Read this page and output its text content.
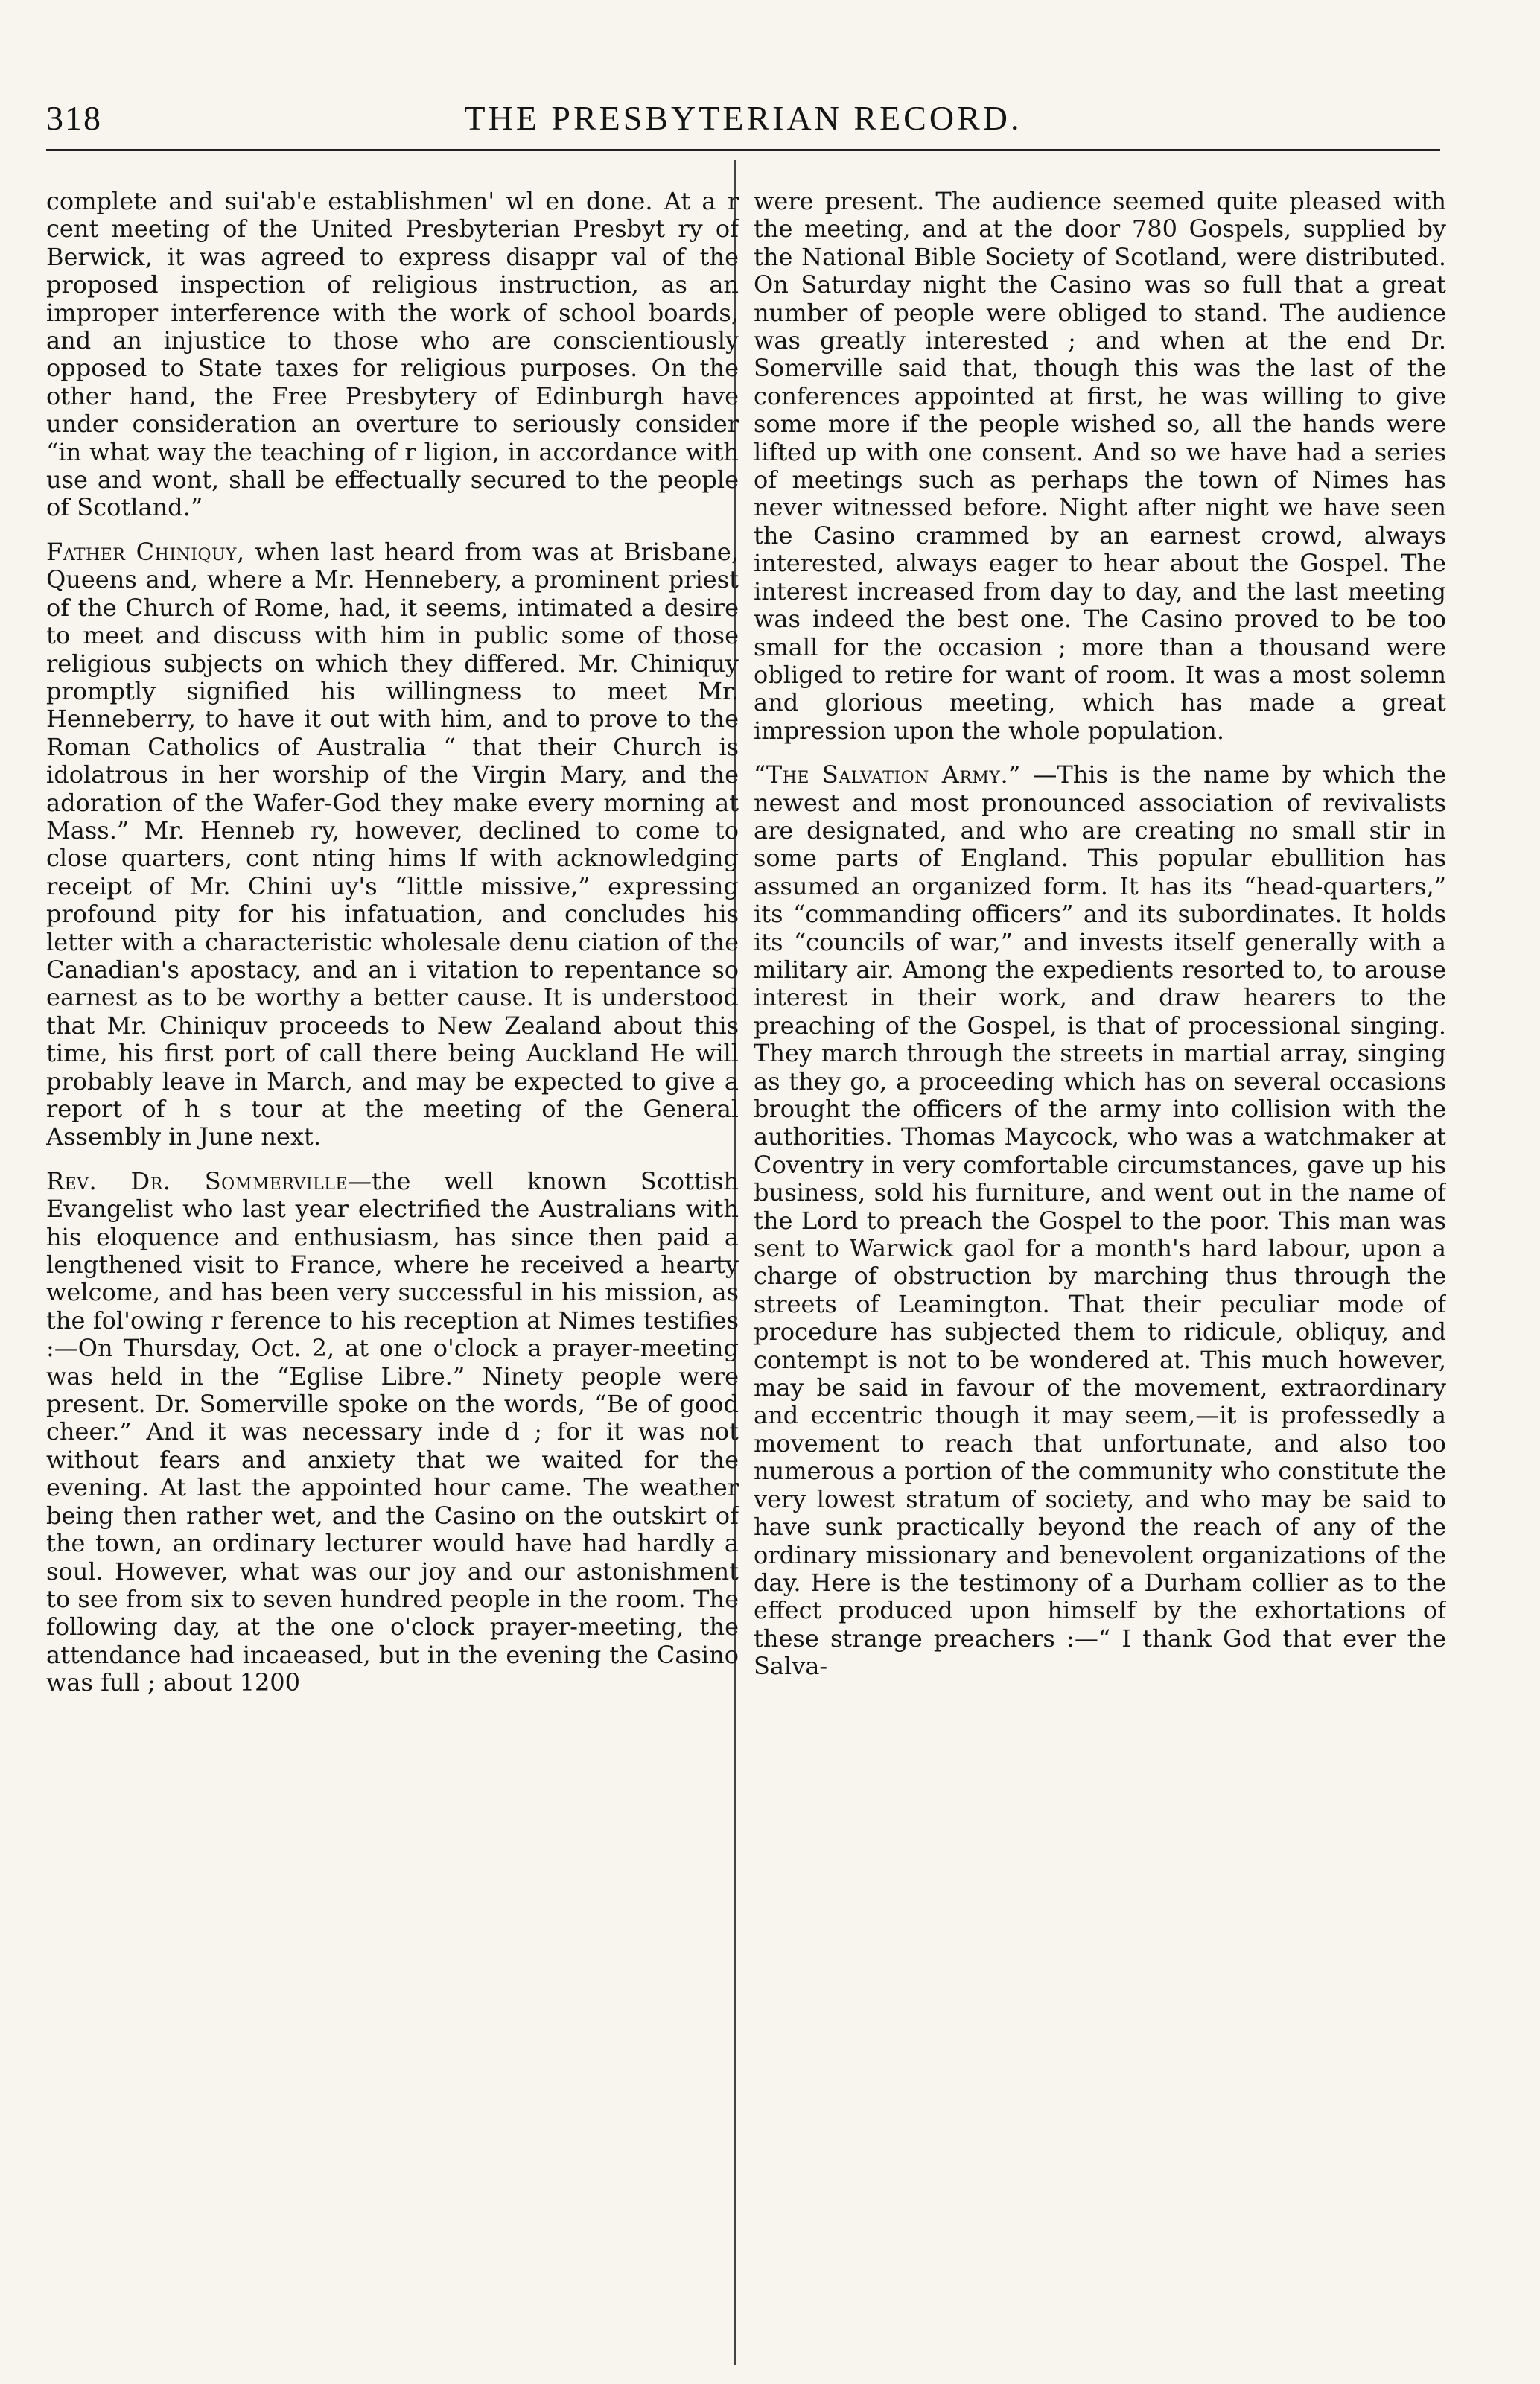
318	THE PRESBYTERIAN RECORD.

complete and sui'ab'e establishmen' wl en done. At a r cent meeting of the United Presbyterian Presbyt ry of Berwick, it was agreed to express disappr val of the proposed inspection of religious instruction, as an improper interference with the work of school boards, and an injustice to those who are conscientiously opposed to State taxes for religious purposes. On the other hand, the Free Presbytery of Edinburgh have under consideration an overture to seriously consider “in what way the teaching of r ligion, in accordance with use and wont, shall be effectually secured to the people of Scotland.”

Father Chiniquy, when last heard from was at Brisbane, Queens and, where a Mr. Hennebery, a prominent priest of the Church of Rome, had, it seems, intimated a desire to meet and discuss with him in public some of those religious subjects on which they differed. Mr. Chiniquy promptly signified his willingness to meet Mr. Henneberry, to have it out with him, and to prove to the Roman Catholics of Australia “ that their Church is idolatrous in her worship of the Virgin Mary, and the adoration of the Wafer-God they make every morning at Mass.” Mr. Henneb ry, however, declined to come to close quarters, cont nting hims lf with acknowledging receipt of Mr. Chini uy's “little missive,” expressing profound pity for his infatuation, and concludes his letter with a characteristic wholesale denu ciation of the Canadian's apostacy, and an i vitation to repentance so earnest as to be worthy a better cause. It is understood that Mr. Chiniquv proceeds to New Zealand about this time, his first port of call there being Auckland He will probably leave in March, and may be expected to give a report of h s tour at the meeting of the General Assembly in June next.

Rev. Dr. Sommerville—the well known Scottish Evangelist who last year electrified the Australians with his eloquence and enthusiasm, has since then paid a lengthened visit to France, where he received a hearty welcome, and has been very successful in his mission, as the fol'owing r ference to his reception at Nimes testifies :—On Thursday, Oct. 2, at one o'clock a prayer-meeting was held in the “Eglise Libre.” Ninety people were present. Dr. Somerville spoke on the words, “Be of good cheer.” And it was necessary inde d ; for it was not without fears and anxiety that we waited for the evening. At last the appointed hour came. The weather being then rather wet, and the Casino on the outskirt of the town, an ordinary lecturer would have had hardly a soul. However, what was our joy and our astonishment to see from six to seven hundred people in the room. The following day, at the one o'clock prayer-meeting, the attendance had incaeased, but in the evening the Casino was full ; about 1200

were present. The audience seemed quite pleased with the meeting, and at the door 780 Gospels, supplied by the National Bible Society of Scotland, were distributed. On Saturday night the Casino was so full that a great number of people were obliged to stand. The audience was greatly interested ; and when at the end Dr. Somerville said that, though this was the last of the conferences appointed at first, he was willing to give some more if the people wished so, all the hands were lifted up with one consent. And so we have had a series of meetings such as perhaps the town of Nimes has never witnessed before. Night after night we have seen the Casino crammed by an earnest crowd, always interested, always eager to hear about the Gospel. The interest increased from day to day, and the last meeting was indeed the best one. The Casino proved to be too small for the occasion ; more than a thousand were obliged to retire for want of room. It was a most solemn and glorious meeting, which has made a great impression upon the whole population.

“The Salvation Army.” —This is the name by which the newest and most pronounced association of revivalists are designated, and who are creating no small stir in some parts of England. This popular ebullition has assumed an organized form. It has its “head-quarters,” its “commanding officers” and its subordinates. It holds its “councils of war,” and invests itself generally with a military air. Among the expedients resorted to, to arouse interest in their work, and draw hearers to the preaching of the Gospel, is that of processional singing. They march through the streets in martial array, singing as they go, a proceeding which has on several occasions brought the officers of the army into collision with the authorities. Thomas Maycock, who was a watchmaker at Coventry in very comfortable circumstances, gave up his business, sold his furniture, and went out in the name of the Lord to preach the Gospel to the poor. This man was sent to Warwick gaol for a month's hard labour, upon a charge of obstruction by marching thus through the streets of Leamington. That their peculiar mode of procedure has subjected them to ridicule, obliquy, and contempt is not to be wondered at. This much however, may be said in favour of the movement, extraordinary and eccentric though it may seem,—it is professedly a movement to reach that unfortunate, and also too numerous a portion of the community who constitute the very lowest stratum of society, and who may be said to have sunk practically beyond the reach of any of the ordinary missionary and benevolent organizations of the day. Here is the testimony of a Durham collier as to the effect produced upon himself by the exhortations of these strange preachers :—“ I thank God that ever the Salva-
